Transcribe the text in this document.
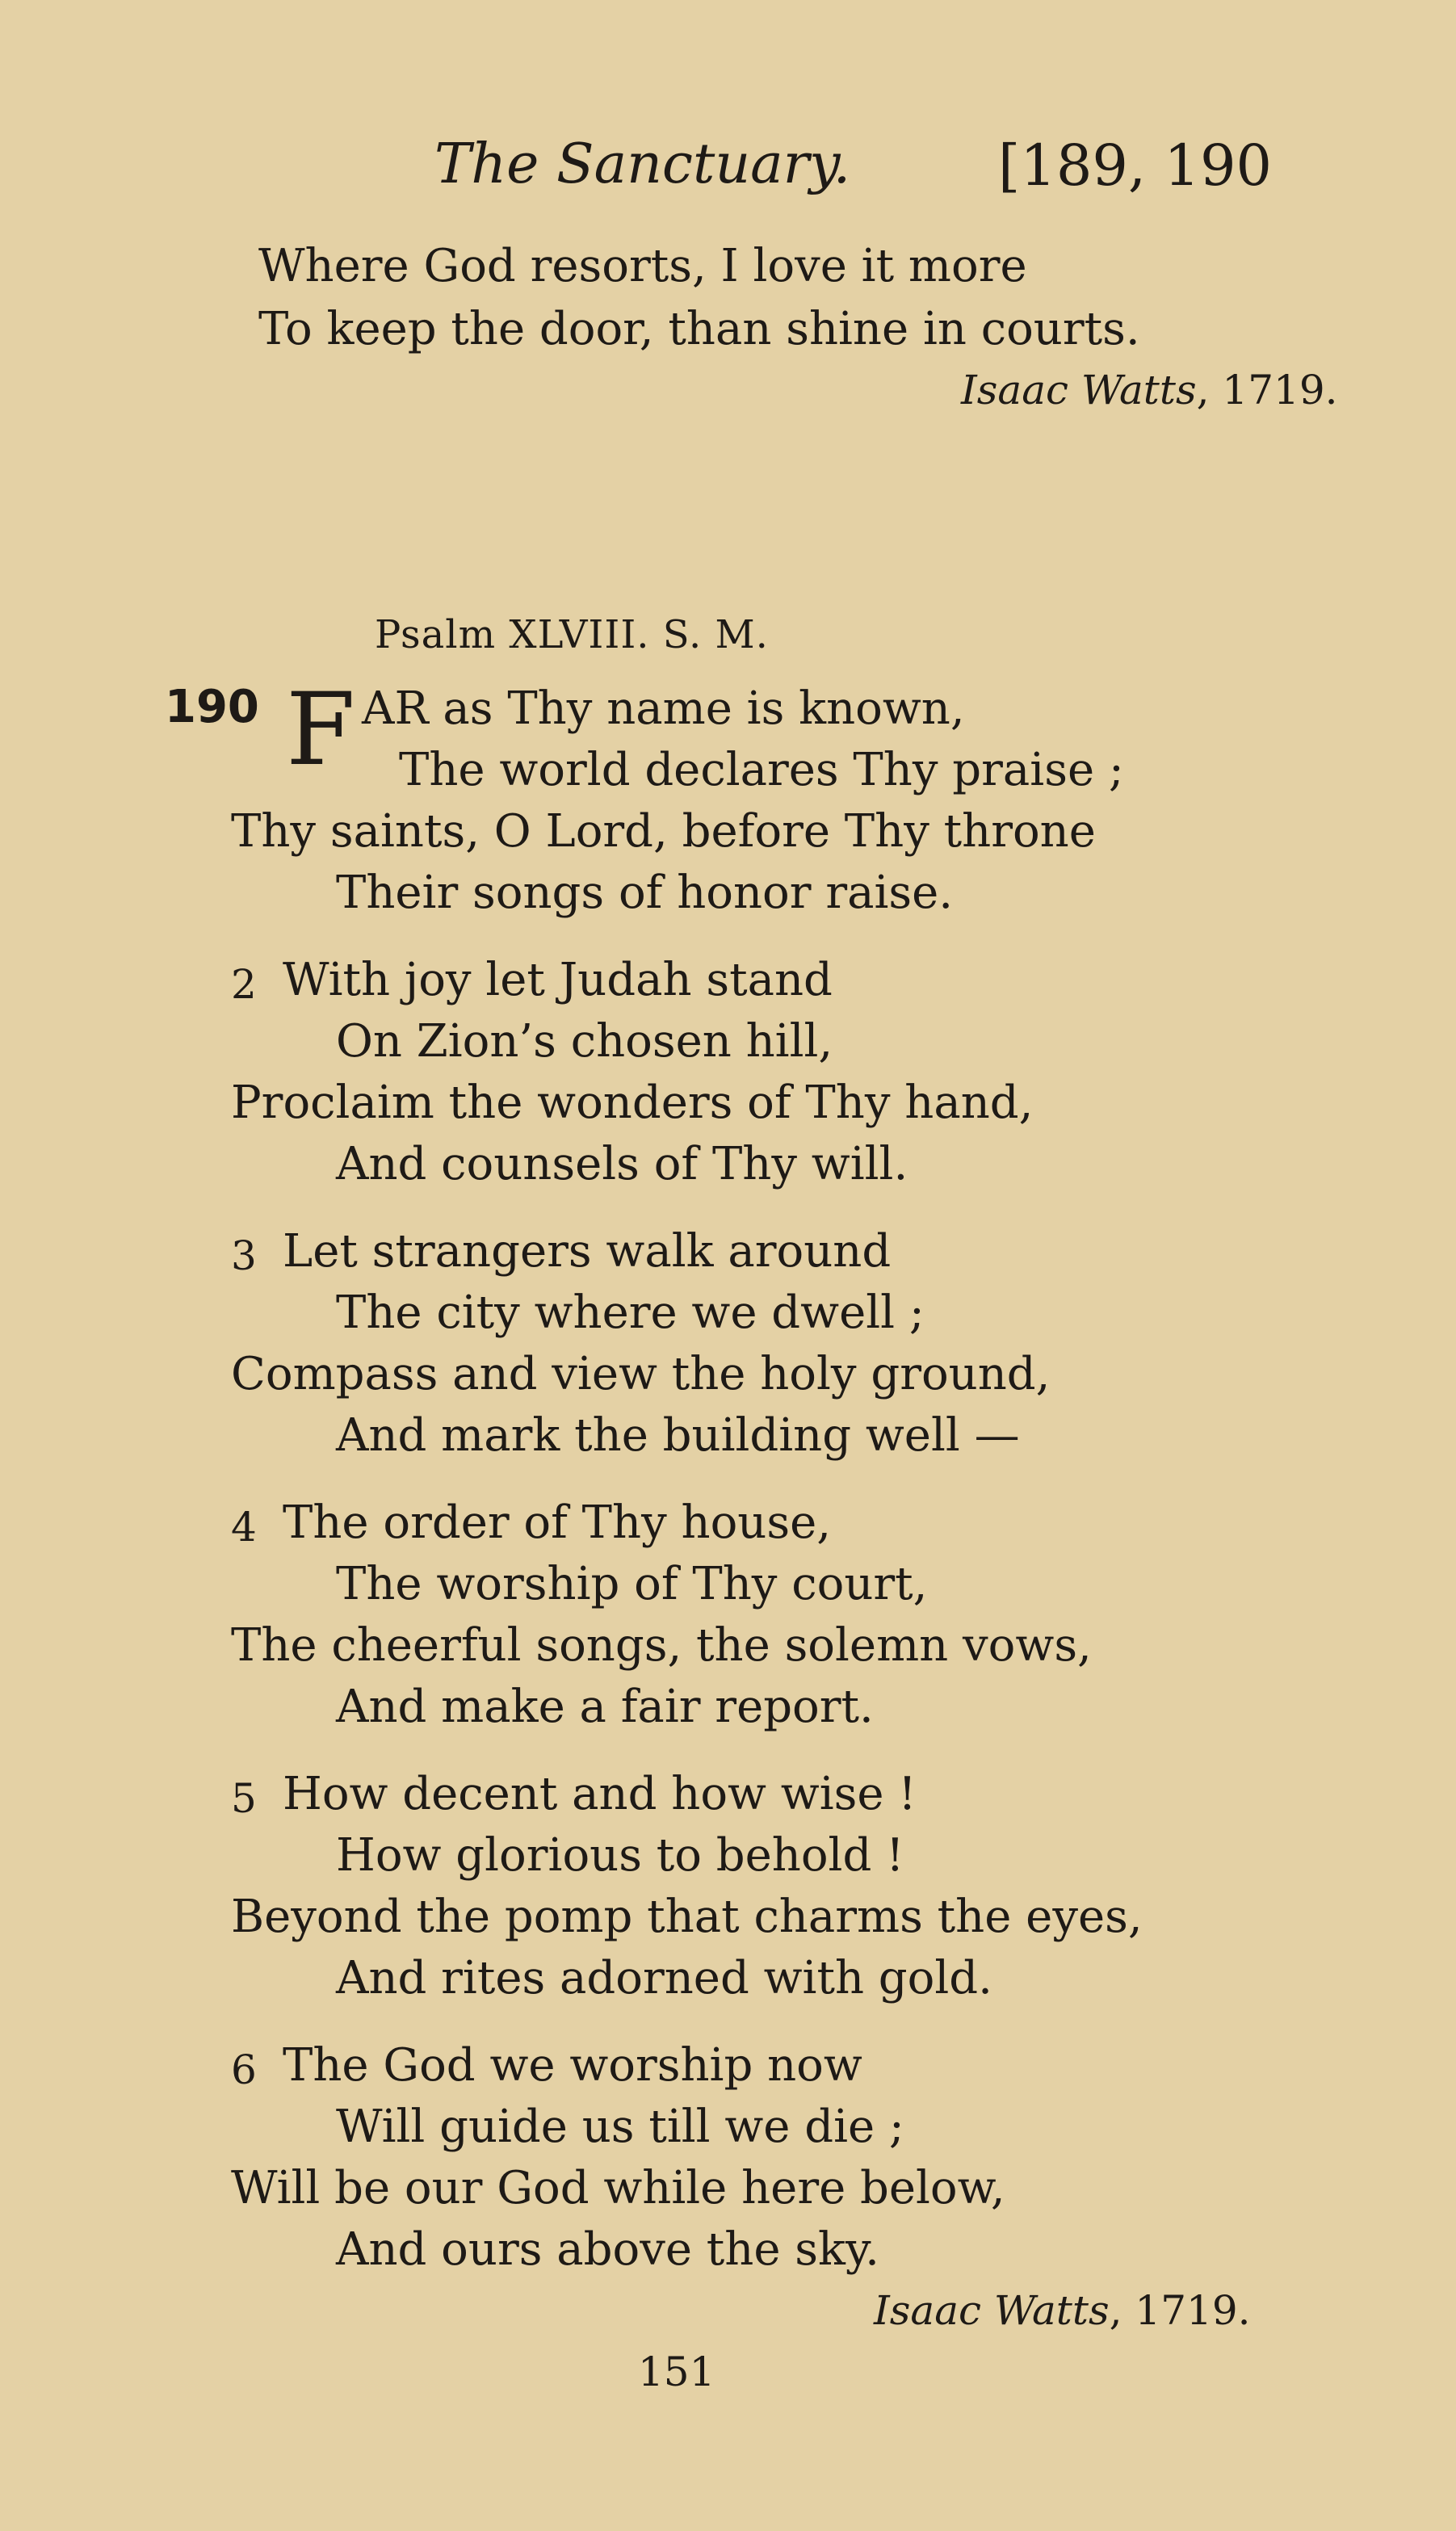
The Sanctuary.	[189, 190
Where God resorts, I love it more
To keep the door, than shine in courts.
Isaac Watts, 1719.
Psalm XLVIII. S. M.
190 F AR as Thy name is known,
The world declares Thy praise ;
Thy saints, O Lord, before Thy throne
Their songs of honor raise.
2 With joy let Judah stand
On Zion’s chosen hill,
Proclaim the wonders of Thy hand,
And counsels of Thy will.
3 Let strangers walk around
The city where we dwell ;
Compass and view the holy ground,
And mark the building well —
4 The order of Thy house,
The worship of Thy court,
The cheerful songs, the solemn vows,
And make a fair report.
5 How decent and how wise !
How glorious to behold !
Beyond the pomp that charms the eyes,
And rites adorned with gold.
6 The God we worship now
Will guide us till we die ;
Will be our God while here below,
And ours above the sky.
Isaac Watts, 1719.
151
